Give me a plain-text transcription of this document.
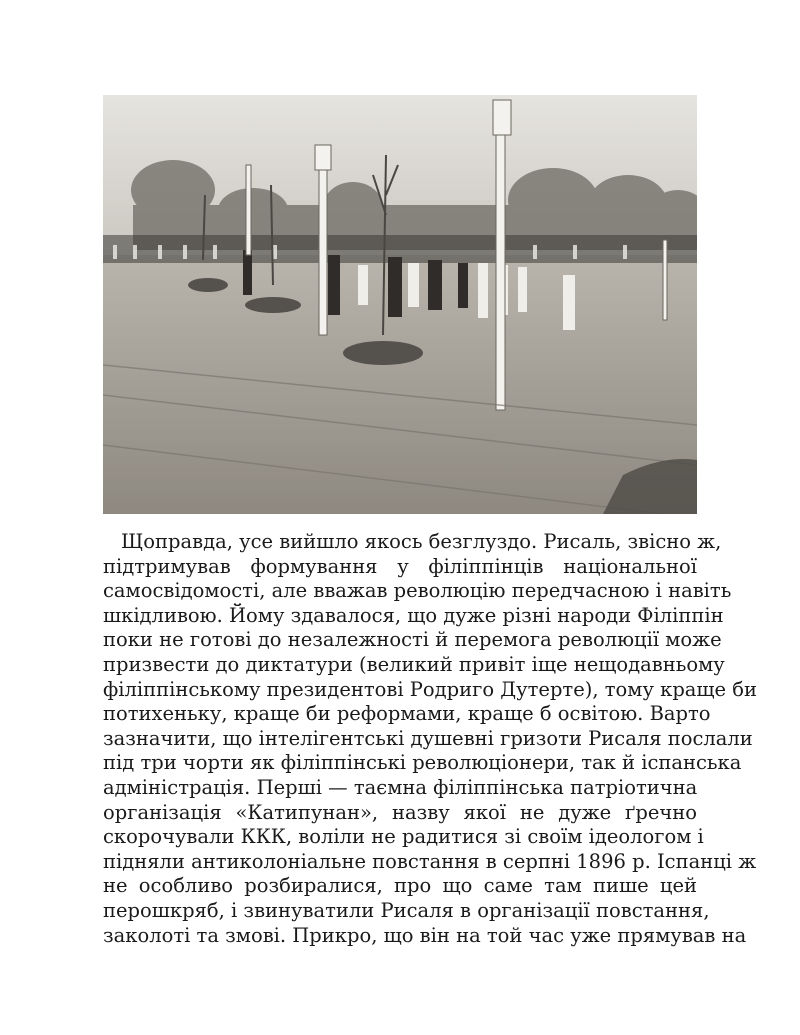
Щоправда, усе вийшло якось безглуздо. Рисаль, звісно ж,
підтримував формування у філіппінців національної
самосвідомості, але вважав революцію передчасною і навіть
шкідливою. Йому здавалося, що дуже різні народи Філіппін
поки не готові до незалежності й перемога революції може
призвести до диктатури (великий привіт іще нещодавньому
філіппінському президентові Родриго Дутерте), тому краще би
потихеньку, краще би реформами, краще б освітою. Варто
зазначити, що інтелігентські душевні гризоти Рисаля послали
під три чорти як філіппінські революціонери, так й іспанська
адміністрація. Перші — таємна філіппінська патріотична
організація «Катипунан», назву якої не дуже ґречно
скорочували ККК, воліли не радитися зі своїм ідеологом і
підняли антиколоніальне повстання в серпні 1896 р. Іспанці ж
не особливо розбиралися, про що саме там пише цей
перошкряб, і звинуватили Рисаля в організації повстання,
заколоті та змові. Прикро, що він на той час уже прямував на
